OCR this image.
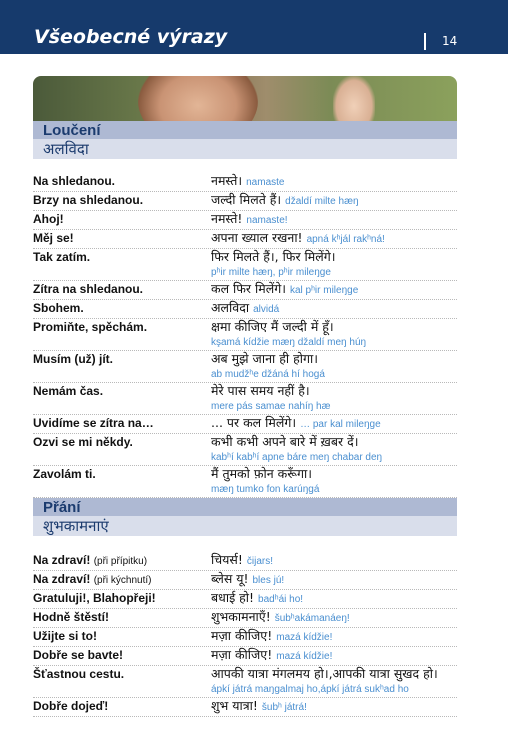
Všeobecné výrazy	14
Loučení
अलविदा
Na shledanou.	नमस्ते। namaste
Brzy na shledanou.	जल्दी मिलते हैं। džaldí milte hæŋ
Ahoj!	नमस्ते! namaste!
Měj se!	अपना ख्याल रखना! apná kʰjál rakʰná!
Tak zatím.	फिर मिलते हैं।, फिर मिलेंगे।
pʰir milte hæŋ, pʰir mileŋge
Zítra na shledanou.	कल फिर मिलेंगे। kal pʰir mileŋge
Sbohem.	अलविदा alvidá
Promiňte, spěchám.	क्षमा कीजिए मैं जल्दी में हूँ।
kşamá kídžie mæŋ džaldí meŋ húŋ
Musím (už) jít.	अब मुझे जाना ही होगा।
ab mudžʰe džáná hí hogá
Nemám čas.	मेरे पास समय नहीं है।
mere pás samae nahíŋ hæ
Uvidíme se zítra na…	... पर कल मिलेंगे। … par kal mileŋge
Ozvi se mi někdy.	कभी कभी अपने बारे में ख़बर दें।
kabʰí kabʰí apne báre meŋ chabar deŋ
Zavolám ti.	मैं तुमको फ़ोन करूँगा।
mæŋ tumko fon karúŋgá
Přání
शुभकामनाएं
Na zdraví! (při přípitku)	चियर्स! čijars!
Na zdraví! (při kýchnutí)	ब्लेस यू! bles jú!
Gratuluji!, Blahopřeji!	बधाई हो! badʰái ho!
Hodně štěstí!	शुभकामनाएँ! šubʰakámanáeŋ!
Užijte si to!	मज़ा कीजिए! mazá kídžie!
Dobře se bavte!	मज़ा कीजिए! mazá kídžie!
Šťastnou cestu.	आपकी यात्रा मंगलमय हो।,आपकी यात्रा सुखद हो।
ápkí játrá maŋgalmaj ho,ápkí játrá sukʰad ho
Dobře dojeď!	शुभ यात्रा! šubʰ játrá!
